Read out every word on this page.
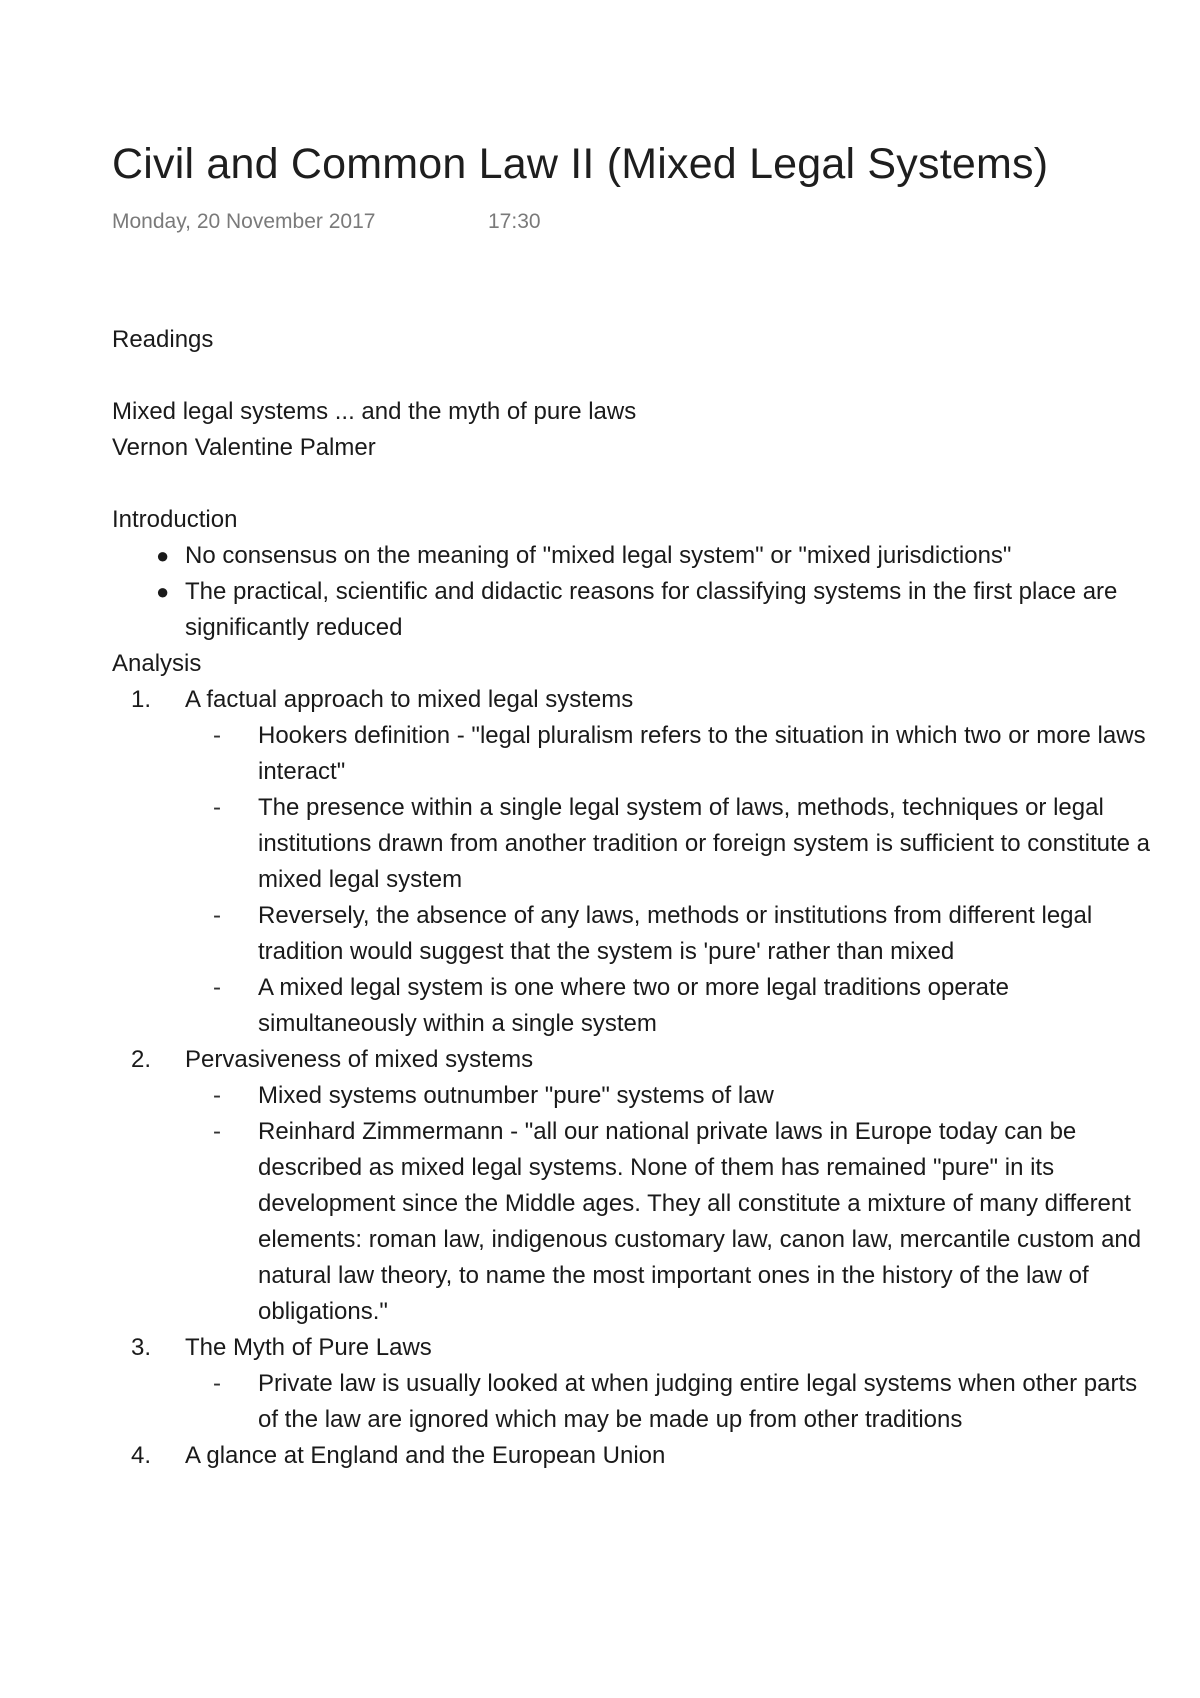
Civil and Common Law II (Mixed Legal Systems)
Monday, 20 November 2017	17:30

Readings

Mixed legal systems ... and the myth of pure laws

Vernon Valentine Palmer

Introduction

● No consensus on the meaning of "mixed legal system" or "mixed jurisdictions"
● The practical, scientific and didactic reasons for classifying systems in the first place are significantly reduced

Analysis

1. A factual approach to mixed legal systems
- Hookers definition - "legal pluralism refers to the situation in which two or more laws interact"
- The presence within a single legal system of laws, methods, techniques or legal institutions drawn from another tradition or foreign system is sufficient to constitute a mixed legal system
- Reversely, the absence of any laws, methods or institutions from different legal tradition would suggest that the system is 'pure' rather than mixed
- A mixed legal system is one where two or more legal traditions operate simultaneously within a single system
2. Pervasiveness of mixed systems
- Mixed systems outnumber "pure" systems of law
- Reinhard Zimmermann - "all our national private laws in Europe today can be described as mixed legal systems. None of them has remained "pure" in its development since the Middle ages. They all constitute a mixture of many different elements: roman law, indigenous customary law, canon law, mercantile custom and natural law theory, to name the most important ones in the history of the law of obligations."
3. The Myth of Pure Laws
- Private law is usually looked at when judging entire legal systems when other parts of the law are ignored which may be made up from other traditions
4. A glance at England and the European Union
